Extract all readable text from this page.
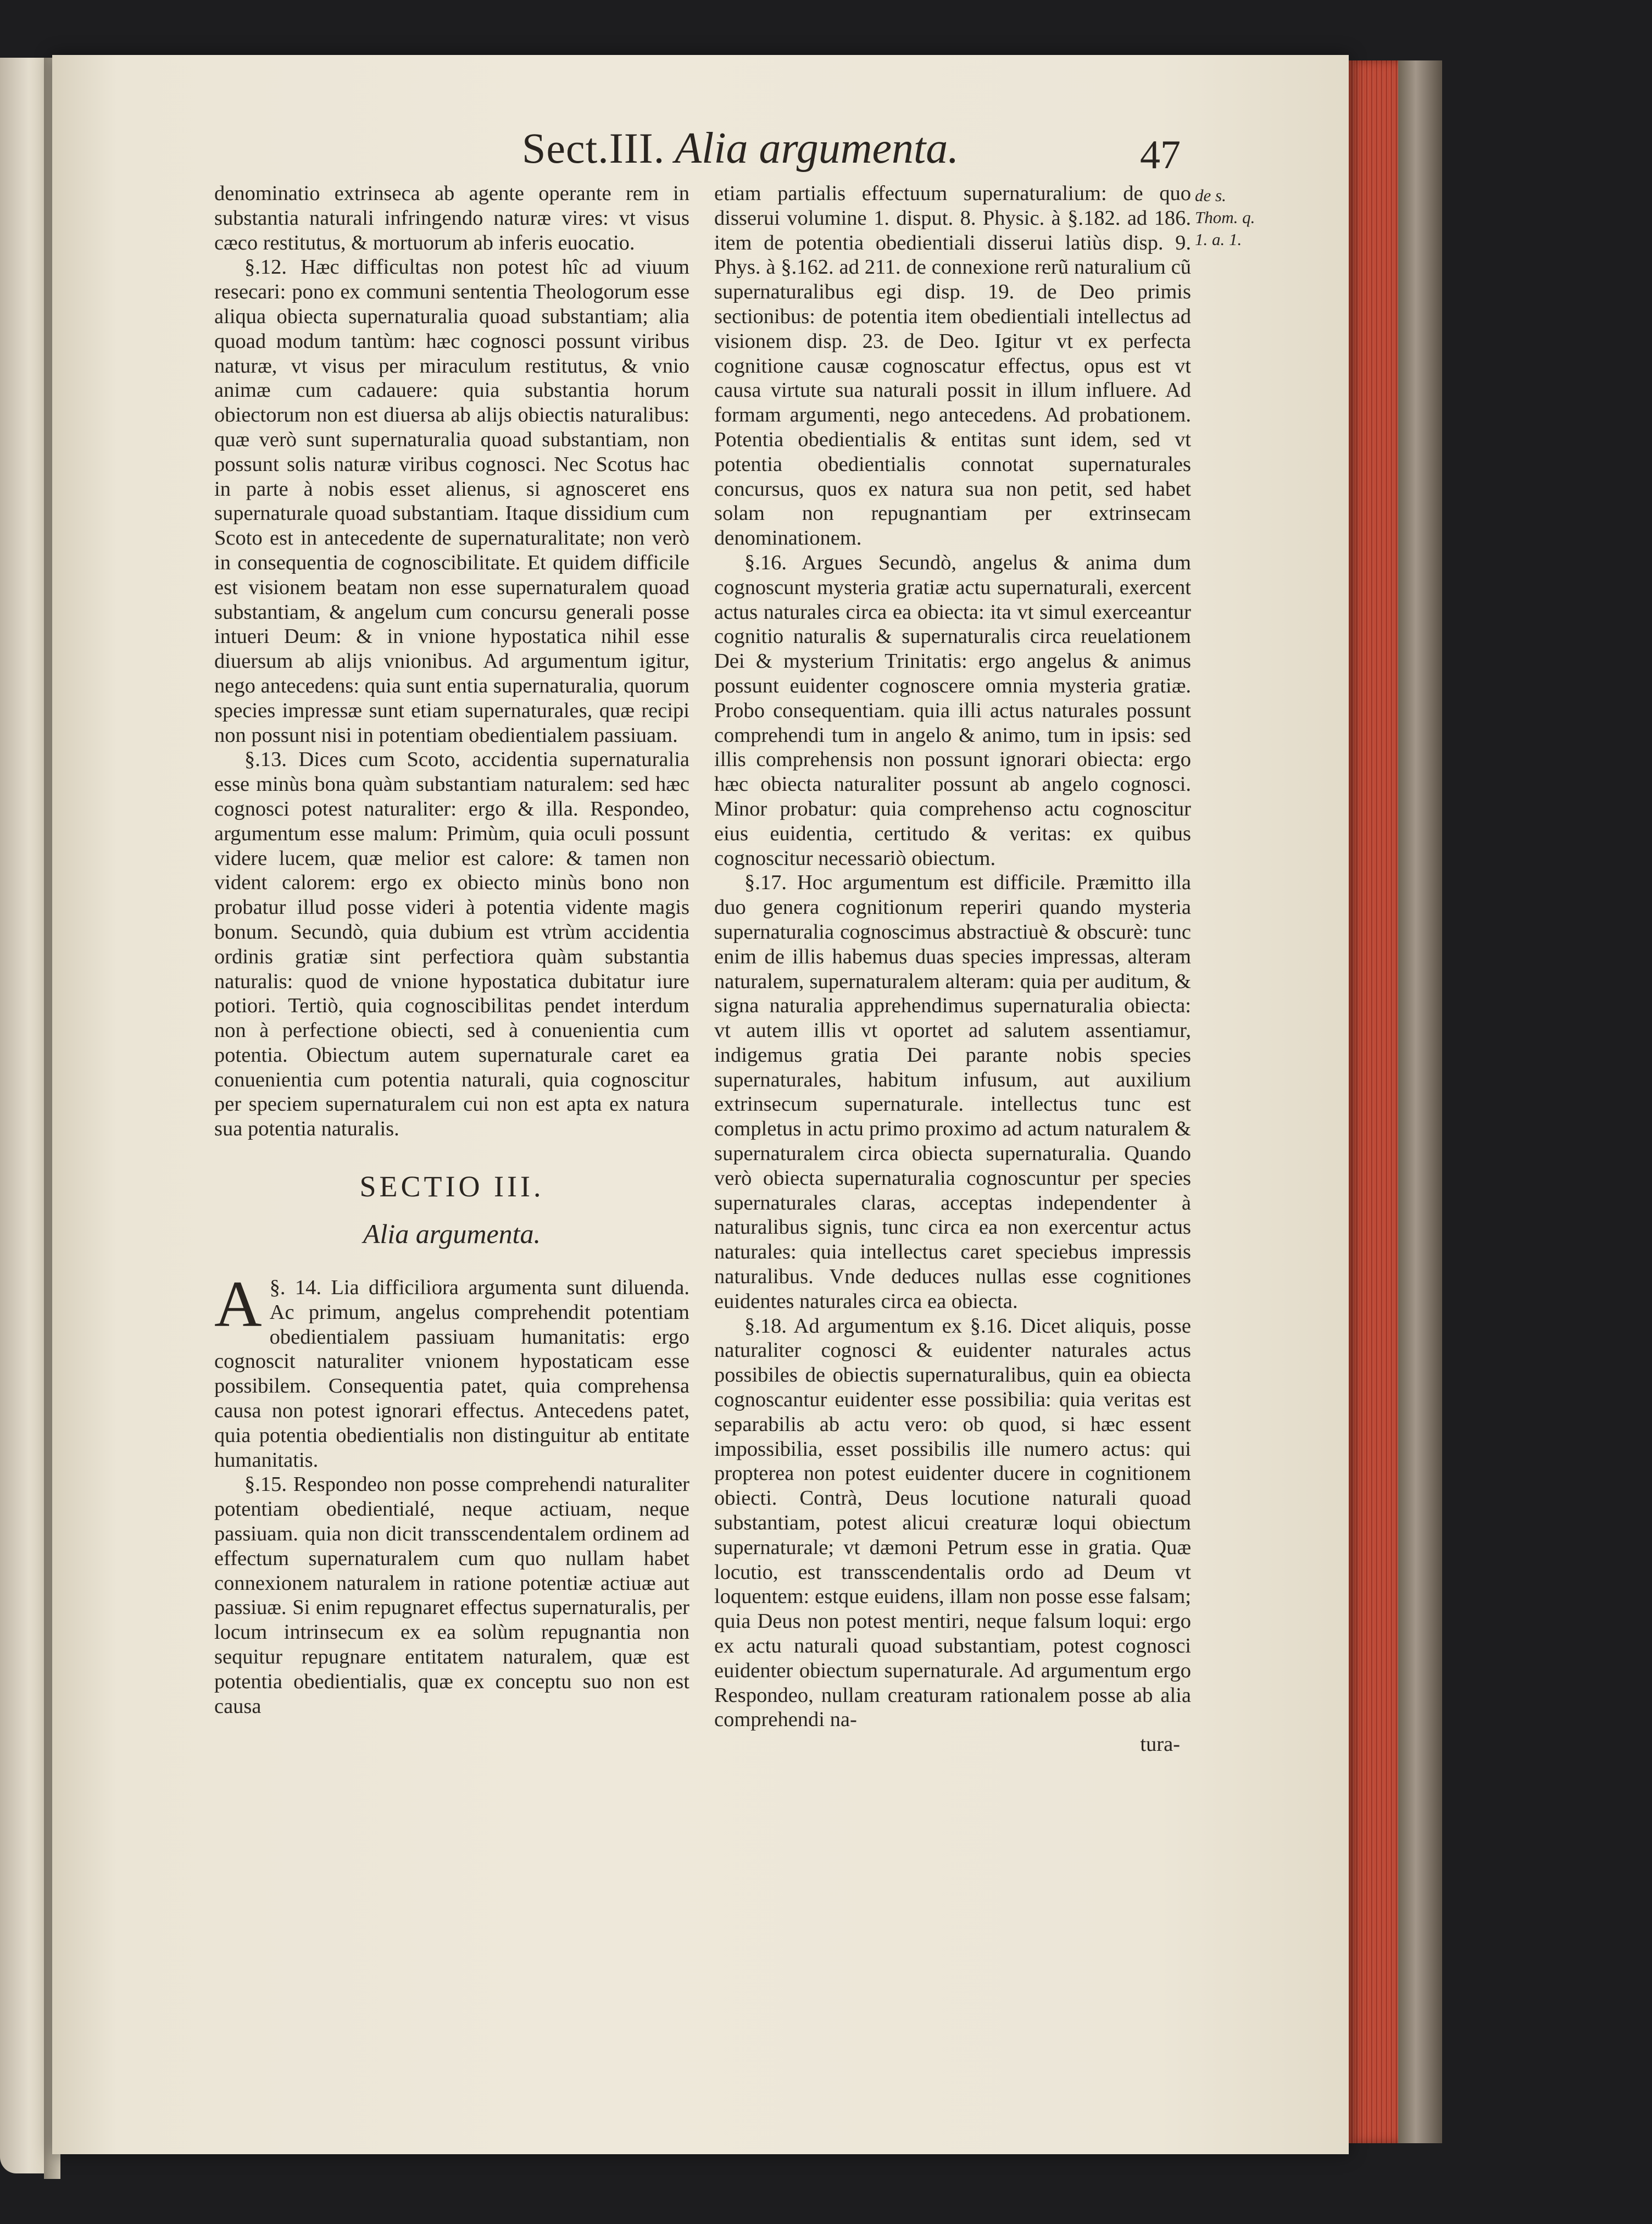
Sect.III. Alia argumenta.	47
de s. Thom. q. 1. a. 1.

denominatio extrinseca ab agente operante rem in substantia naturali infringendo naturæ vires: vt visus cæco restitutus, & mortuorum ab inferis euocatio.

§.12. Hæc difficultas non potest hîc ad viuum resecari: pono ex communi sententia Theologorum esse aliqua obiecta supernaturalia quoad substantiam; alia quoad modum tantùm: hæc cognosci possunt viribus naturæ, vt visus per miraculum restitutus, & vnio animæ cum cadauere: quia substantia horum obiectorum non est diuersa ab alijs obiectis naturalibus: quæ verò sunt supernaturalia quoad substantiam, non possunt solis naturæ viribus cognosci. Nec Scotus hac in parte à nobis esset alienus, si agnosceret ens supernaturale quoad substantiam. Itaque dissidium cum Scoto est in antecedente de supernaturalitate; non verò in consequentia de cognoscibilitate. Et quidem difficile est visionem beatam non esse supernaturalem quoad substantiam, & angelum cum concursu generali posse intueri Deum: & in vnione hypostatica nihil esse diuersum ab alijs vnionibus. Ad argumentum igitur, nego antecedens: quia sunt entia supernaturalia, quorum species impressæ sunt etiam supernaturales, quæ recipi non possunt nisi in potentiam obedientialem passiuam.

§.13. Dices cum Scoto, accidentia supernaturalia esse minùs bona quàm substantiam naturalem: sed hæc cognosci potest naturaliter: ergo & illa. Respondeo, argumentum esse malum: Primùm, quia oculi possunt videre lucem, quæ melior est calore: & tamen non vident calorem: ergo ex obiecto minùs bono non probatur illud posse videri à potentia vidente magis bonum. Secundò, quia dubium est vtrùm accidentia ordinis gratiæ sint perfectiora quàm substantia naturalis: quod de vnione hypostatica dubitatur iure potiori. Tertiò, quia cognoscibilitas pendet interdum non à perfectione obiecti, sed à conuenientia cum potentia. Obiectum autem supernaturale caret ea conuenientia cum potentia naturali, quia cognoscitur per speciem supernaturalem cui non est apta ex natura sua potentia naturalis.

SECTIO III.

Alia argumenta.

§. 14.
A	Lia difficiliora argumenta sunt diluenda. Ac primum, angelus comprehendit potentiam obedientialem passiuam humanitatis: ergo cognoscit naturaliter vnionem hypostaticam esse possibilem. Consequentia patet, quia comprehensa causa non potest ignorari effectus. Antecedens patet, quia potentia obedientialis non distinguitur ab entitate humanitatis.

§.15. Respondeo non posse comprehendi naturaliter potentiam obedientialé, neque actiuam, neque passiuam. quia non dicit transscendentalem ordinem ad effectum supernaturalem cum quo nullam habet connexionem naturalem in ratione potentiæ actiuæ aut passiuæ. Si enim repugnaret effectus supernaturalis, per locum intrinsecum ex ea solùm repugnantia non sequitur repugnare entitatem naturalem, quæ est potentia obedientialis, quæ ex conceptu suo non est causa

etiam partialis effectuum supernaturalium: de quo disserui volumine 1. disput. 8. Physic. à §.182. ad 186. item de potentia obedientiali disserui latiùs disp. 9. Phys. à §.162. ad 211. de connexione rerũ naturalium cũ supernaturalibus egi disp. 19. de Deo primis sectionibus: de potentia item obedientiali intellectus ad visionem disp. 23. de Deo. Igitur vt ex perfecta cognitione causæ cognoscatur effectus, opus est vt causa virtute sua naturali possit in illum influere. Ad formam argumenti, nego antecedens. Ad probationem. Potentia obedientialis & entitas sunt idem, sed vt potentia obedientialis connotat supernaturales concursus, quos ex natura sua non petit, sed habet solam non repugnantiam per extrinsecam denominationem.

§.16. Argues Secundò, angelus & anima dum cognoscunt mysteria gratiæ actu supernaturali, exercent actus naturales circa ea obiecta: ita vt simul exerceantur cognitio naturalis & supernaturalis circa reuelationem Dei & mysterium Trinitatis: ergo angelus & animus possunt euidenter cognoscere omnia mysteria gratiæ. Probo consequentiam. quia illi actus naturales possunt comprehendi tum in angelo & animo, tum in ipsis: sed illis comprehensis non possunt ignorari obiecta: ergo hæc obiecta naturaliter possunt ab angelo cognosci. Minor probatur: quia comprehenso actu cognoscitur eius euidentia, certitudo & veritas: ex quibus cognoscitur necessariò obiectum.

§.17. Hoc argumentum est difficile. Præmitto illa duo genera cognitionum reperiri quando mysteria supernaturalia cognoscimus abstractiuè & obscurè: tunc enim de illis habemus duas species impressas, alteram naturalem, supernaturalem alteram: quia per auditum, & signa naturalia apprehendimus supernaturalia obiecta: vt autem illis vt oportet ad salutem assentiamur, indigemus gratia Dei parante nobis species supernaturales, habitum infusum, aut auxilium extrinsecum supernaturale. intellectus tunc est completus in actu primo proximo ad actum naturalem & supernaturalem circa obiecta supernaturalia. Quando verò obiecta supernaturalia cognoscuntur per species supernaturales claras, acceptas independenter à naturalibus signis, tunc circa ea non exercentur actus naturales: quia intellectus caret speciebus impressis naturalibus. Vnde deduces nullas esse cognitiones euidentes naturales circa ea obiecta.

§.18. Ad argumentum ex §.16. Dicet aliquis, posse naturaliter cognosci & euidenter naturales actus possibiles de obiectis supernaturalibus, quin ea obiecta cognoscantur euidenter esse possibilia: quia veritas est separabilis ab actu vero: ob quod, si hæc essent impossibilia, esset possibilis ille numero actus: qui propterea non potest euidenter ducere in cognitionem obiecti. Contrà, Deus locutione naturali quoad substantiam, potest alicui creaturæ loqui obiectum supernaturale; vt dæmoni Petrum esse in gratia. Quæ locutio, est transscendentalis ordo ad Deum vt loquentem: estque euidens, illam non posse esse falsam; quia Deus non potest mentiri, neque falsum loqui: ergo ex actu naturali quoad substantiam, potest cognosci euidenter obiectum supernaturale. Ad argumentum ergo Respondeo, nullam creaturam rationalem posse ab alia comprehendi na-

tura-
